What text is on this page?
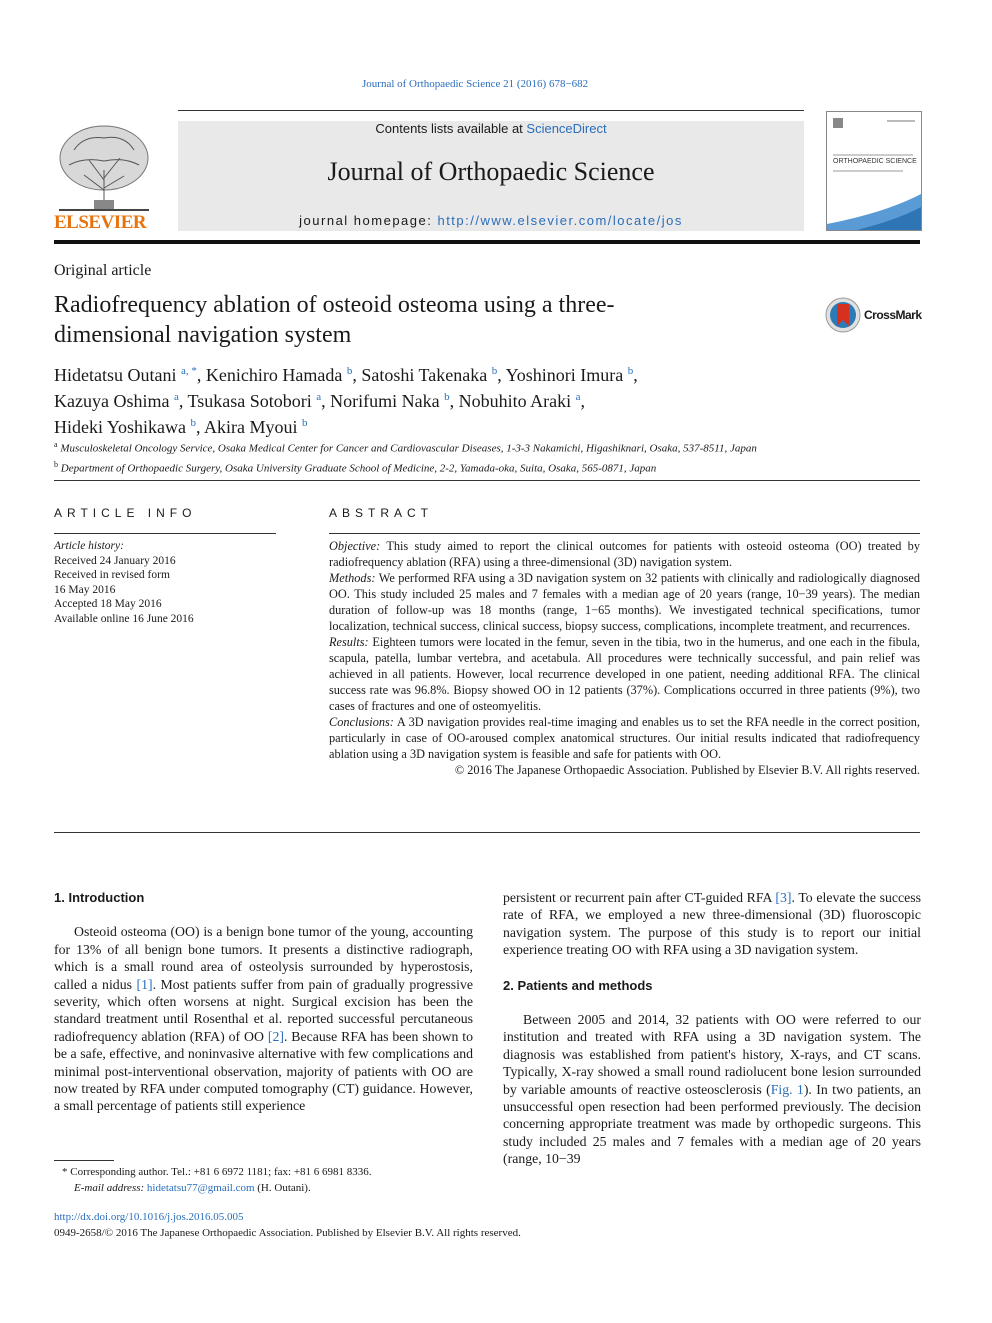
Journal of Orthopaedic Science 21 (2016) 678−682
ELSEVIER
Contents lists available at ScienceDirect
Journal of Orthopaedic Science
journal homepage: http://www.elsevier.com/locate/jos
ORTHOPAEDIC SCIENCE
Original article
Radiofrequency ablation of osteoid osteoma using a three-dimensional navigation system
CrossMark
Hidetatsu Outani $^{a, *}$, Kenichiro Hamada $^b$, Satoshi Takenaka $^b$, Yoshinori Imura $^b$,
Kazuya Oshima $^a$, Tsukasa Sotobori $^a$, Norifumi Naka $^b$, Nobuhito Araki $^a$,
Hideki Yoshikawa $^b$, Akira Myoui $^b$
$^a$ Musculoskeletal Oncology Service, Osaka Medical Center for Cancer and Cardiovascular Diseases, 1-3-3 Nakamichi, Higashiknari, Osaka, 537-8511, Japan
$^b$ Department of Orthopaedic Surgery, Osaka University Graduate School of Medicine, 2-2, Yamada-oka, Suita, Osaka, 565-0871, Japan
ARTICLE INFO
Article history:
Received 24 January 2016
Received in revised form
16 May 2016
Accepted 18 May 2016
Available online 16 June 2016
ABSTRACT

Objective: This study aimed to report the clinical outcomes for patients with osteoid osteoma (OO) treated by radiofrequency ablation (RFA) using a three-dimensional (3D) navigation system.

Methods: We performed RFA using a 3D navigation system on 32 patients with clinically and radiologically diagnosed OO. This study included 25 males and 7 females with a median age of 20 years (range, 10−39 years). The median duration of follow-up was 18 months (range, 1−65 months). We investigated technical specifications, tumor localization, technical success, clinical success, biopsy success, complications, incomplete treatment, and recurrences.

Results: Eighteen tumors were located in the femur, seven in the tibia, two in the humerus, and one each in the fibula, scapula, patella, lumbar vertebra, and acetabula. All procedures were technically successful, and pain relief was achieved in all patients. However, local recurrence developed in one patient, needing additional RFA. The clinical success rate was 96.8%. Biopsy showed OO in 12 patients (37%). Complications occurred in three patients (9%), two cases of fractures and one of osteomyelitis.

Conclusions: A 3D navigation provides real-time imaging and enables us to set the RFA needle in the correct position, particularly in case of OO-aroused complex anatomical structures. Our initial results indicated that radiofrequency ablation using a 3D navigation system is feasible and safe for patients with OO.

© 2016 The Japanese Orthopaedic Association. Published by Elsevier B.V. All rights reserved.

1. Introduction

Osteoid osteoma (OO) is a benign bone tumor of the young, accounting for 13% of all benign bone tumors. It presents a distinctive radiograph, which is a small round area of osteolysis surrounded by hyperostosis, called a nidus [1]. Most patients suffer from pain of gradually progressive severity, which often worsens at night. Surgical excision has been the standard treatment until Rosenthal et al. reported successful percutaneous radiofrequency ablation (RFA) of OO [2]. Because RFA has been shown to be a safe, effective, and noninvasive alternative with few complications and minimal post-interventional observation, majority of patients with OO are now treated by RFA under computed tomography (CT) guidance. However, a small percentage of patients still experience

persistent or recurrent pain after CT-guided RFA [3]. To elevate the success rate of RFA, we employed a new three-dimensional (3D) fluoroscopic navigation system. The purpose of this study is to report our initial experience treating OO with RFA using a 3D navigation system.

2. Patients and methods

Between 2005 and 2014, 32 patients with OO were referred to our institution and treated with RFA using a 3D navigation system. The diagnosis was established from patient's history, X-rays, and CT scans. Typically, X-ray showed a small round radiolucent bone lesion surrounded by variable amounts of reactive osteosclerosis (Fig. 1). In two patients, an unsuccessful open resection had been performed previously. The decision concerning appropriate treatment was made by orthopedic surgeons. This study included 25 males and 7 females with a median age of 20 years (range, 10−39

* Corresponding author. Tel.: +81 6 6972 1181; fax: +81 6 6981 8336.
E-mail address: hidetatsu77@gmail.com (H. Outani).
http://dx.doi.org/10.1016/j.jos.2016.05.005
0949-2658/© 2016 The Japanese Orthopaedic Association. Published by Elsevier B.V. All rights reserved.
